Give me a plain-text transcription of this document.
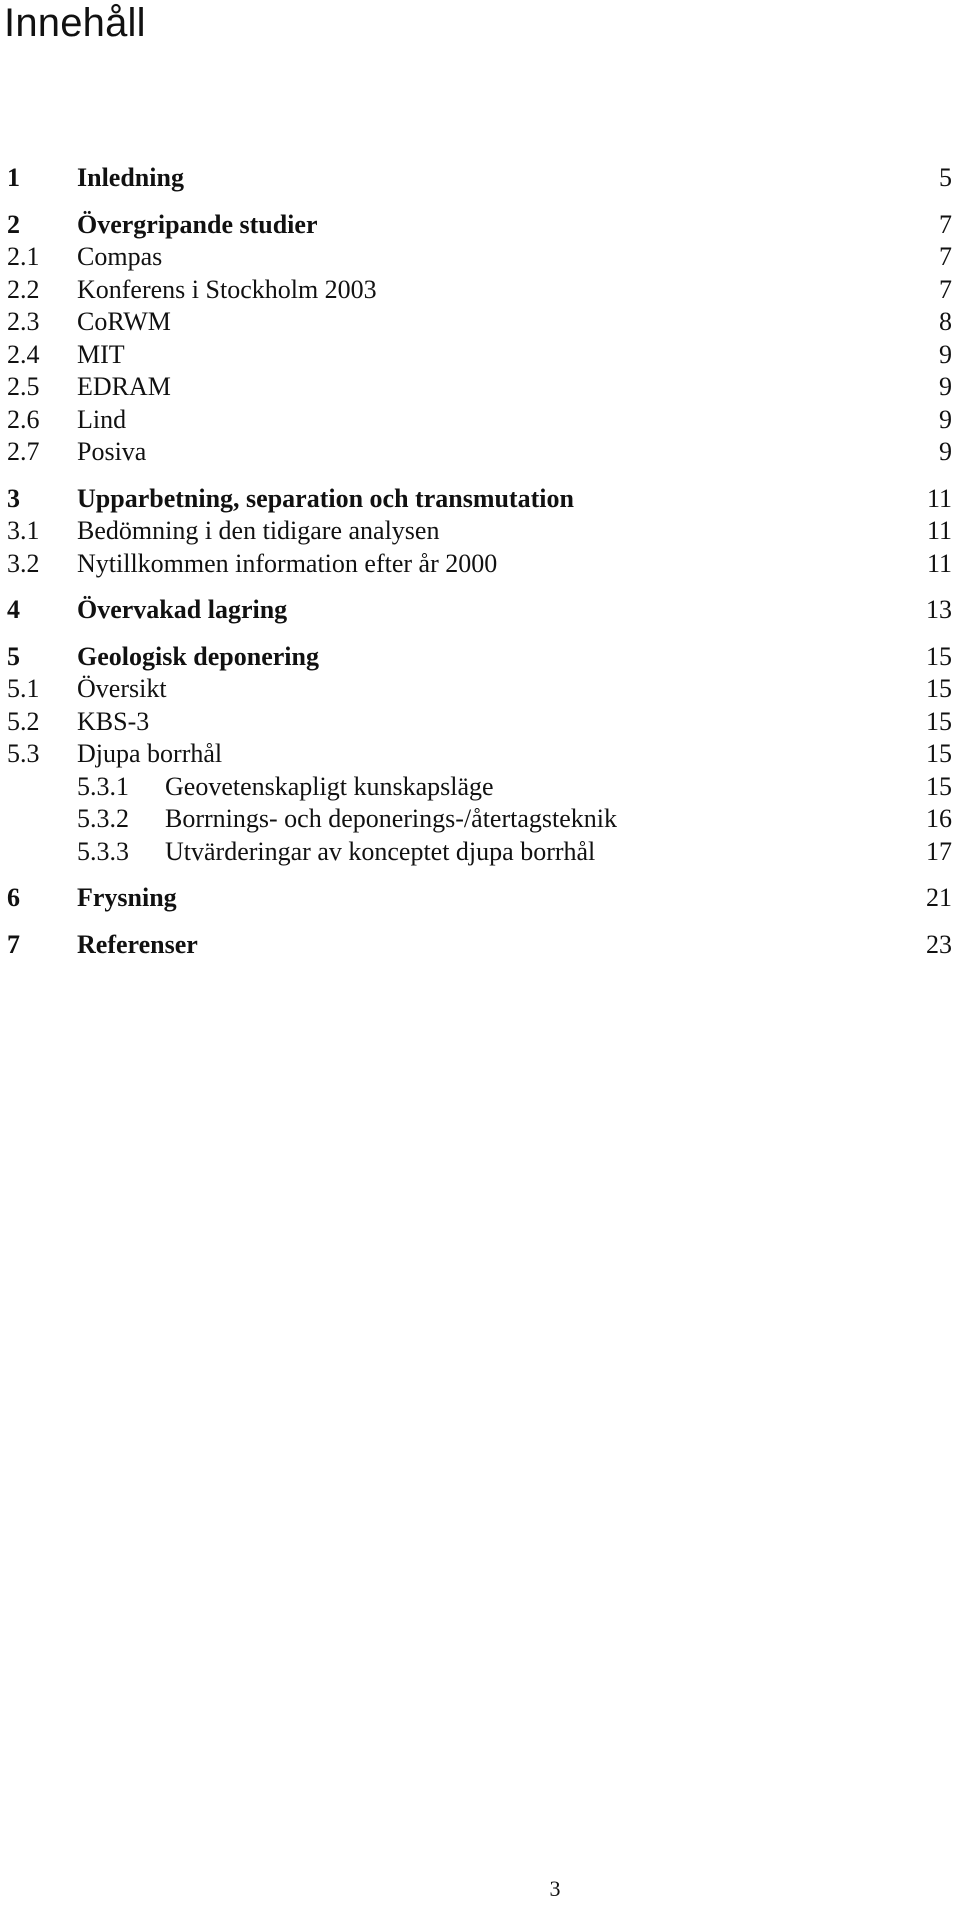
Innehåll
1 Inledning	5
2 Övergripande studier	7
2.1 Compas	7
2.2 Konferens i Stockholm 2003	7
2.3 CoRWM	8
2.4 MIT	9
2.5 EDRAM	9
2.6 Lind	9
2.7 Posiva	9
3 Upparbetning, separation och transmutation	11
3.1 Bedömning i den tidigare analysen	11
3.2 Nytillkommen information efter år 2000	11
4 Övervakad lagring	13
5 Geologisk deponering	15
5.1 Översikt	15
5.2 KBS-3	15
5.3 Djupa borrhål	15
5.3.1 Geovetenskapligt kunskapsläge	15
5.3.2 Borrnings- och deponerings-/återtagsteknik	16
5.3.3 Utvärderingar av konceptet djupa borrhål	17
6 Frysning	21
7 Referenser	23
3
